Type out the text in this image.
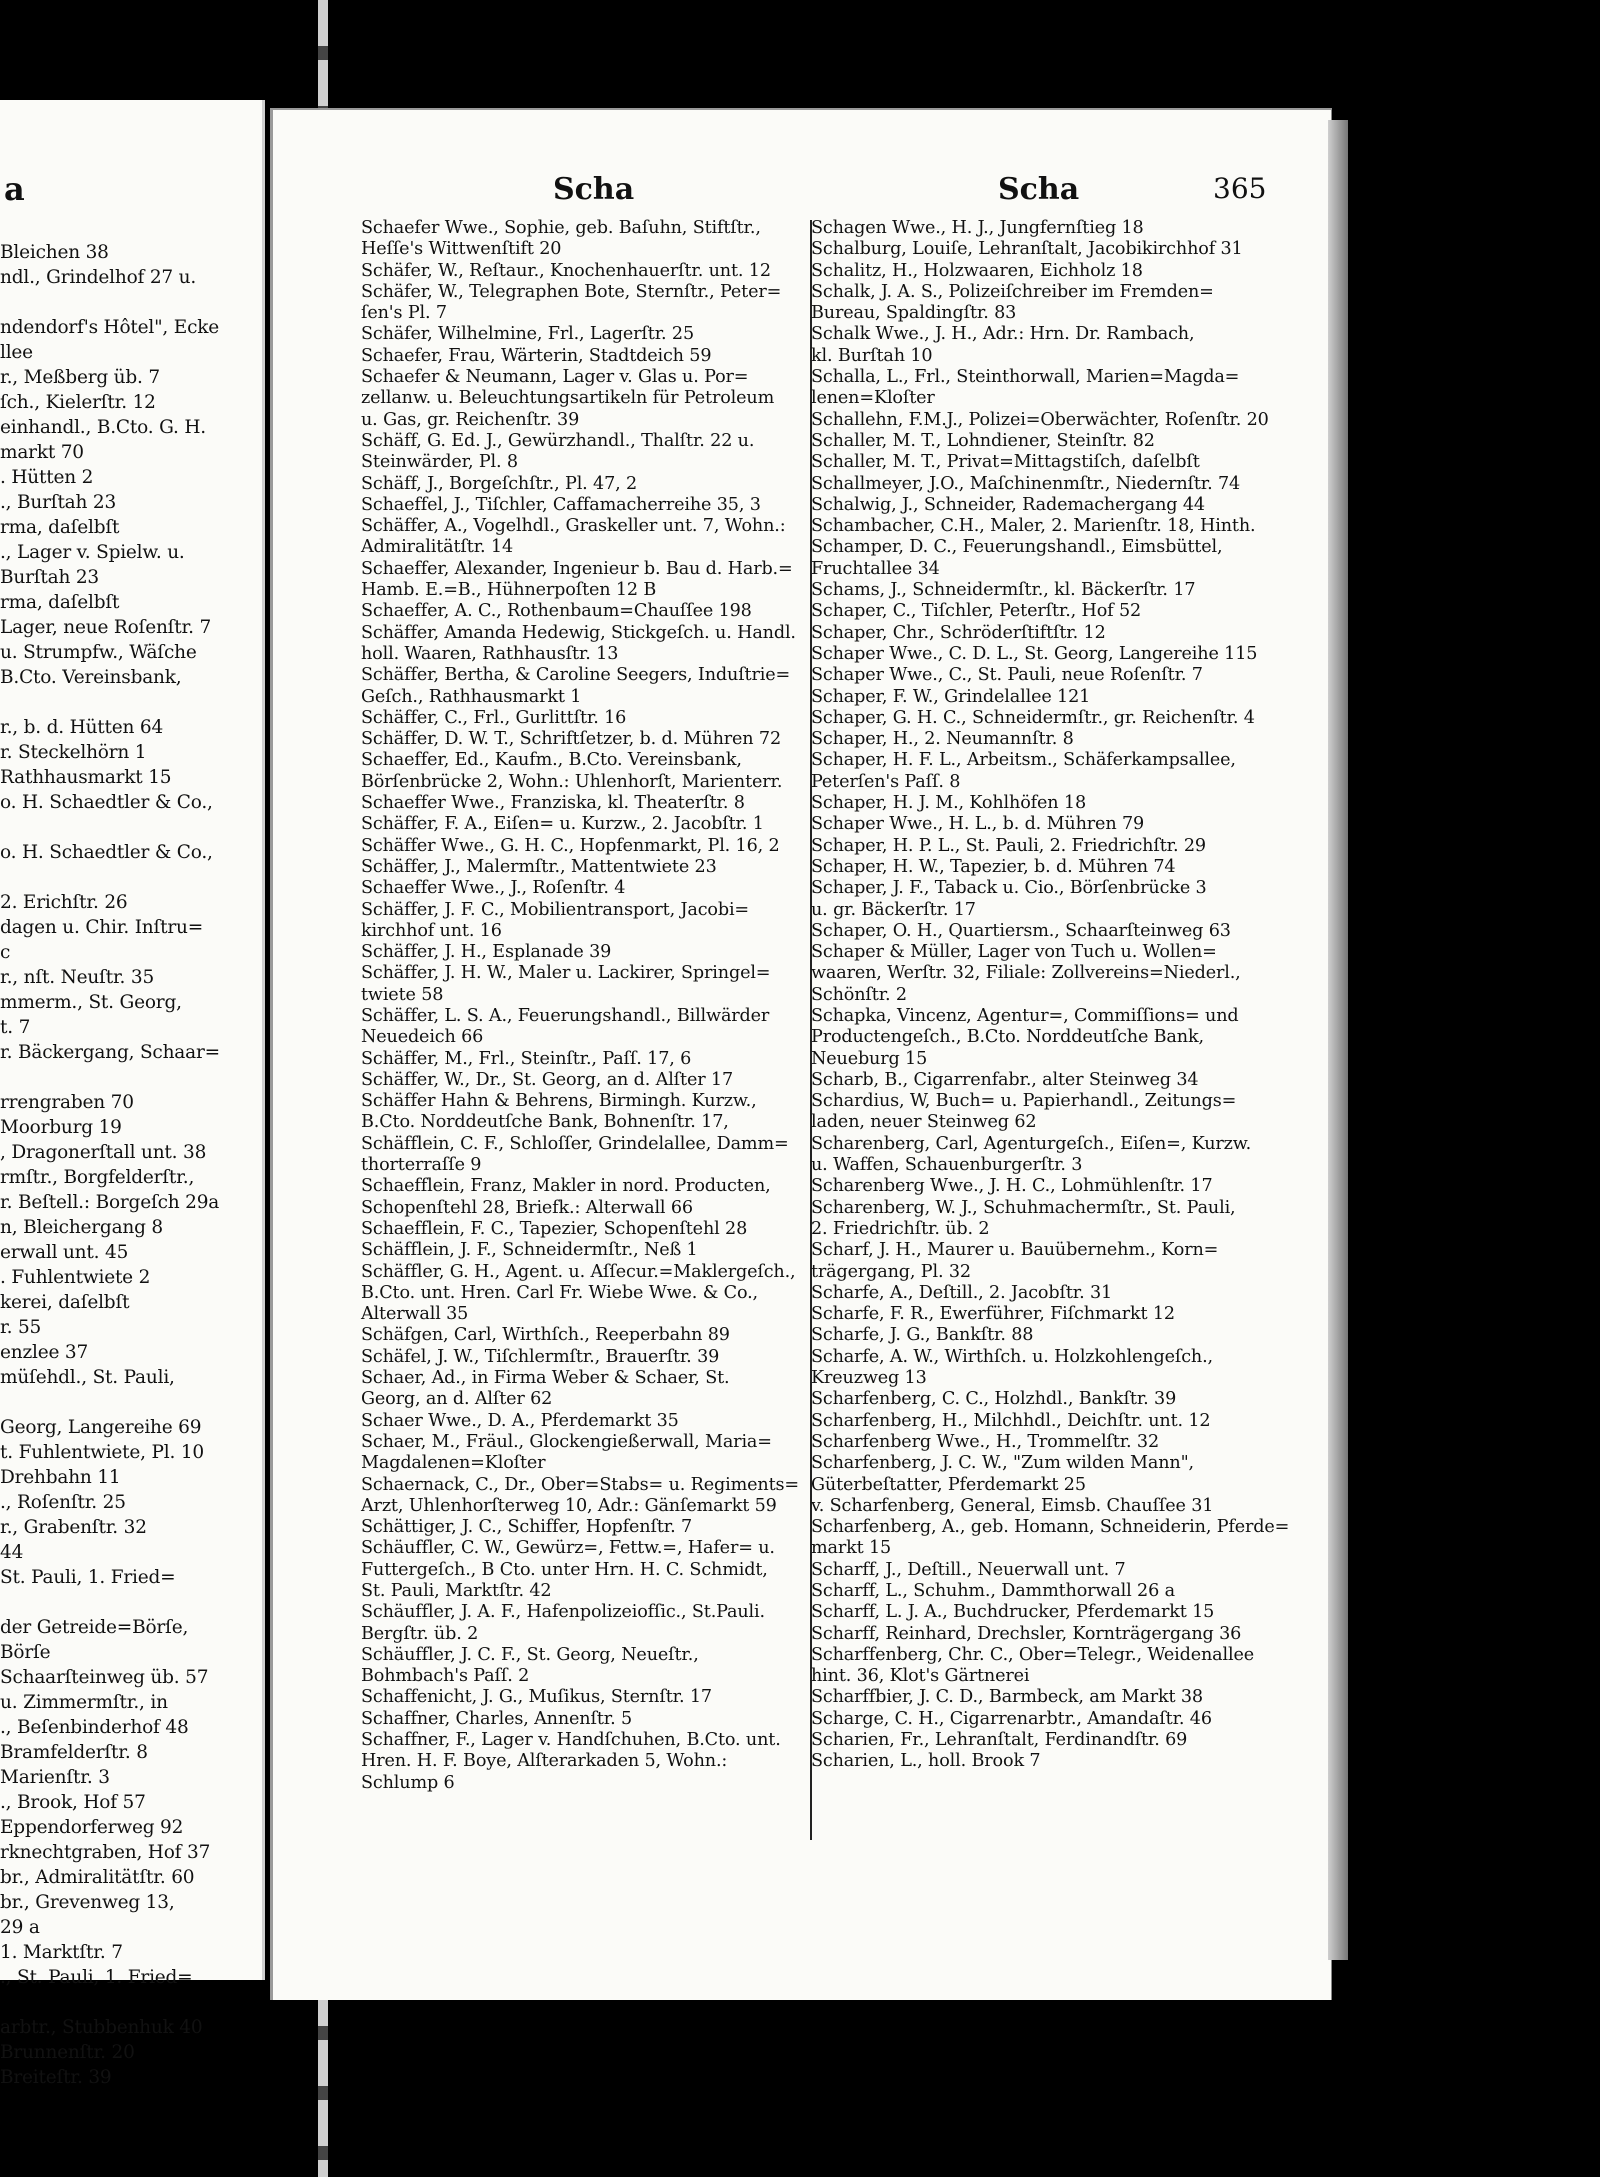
a
Bleichen 38
ndl., Grindelhof 27 u.

ndendorf's Hôtel", Ecke
llee
r., Meßberg üb. 7
ſch., Kielerſtr. 12
einhandl., B.Cto. G. H.
markt 70
. Hütten 2
., Burſtah 23
rma, daſelbſt
., Lager v. Spielw. u.
Burſtah 23
rma, daſelbſt
Lager, neue Roſenſtr. 7
u. Strumpfw., Wäſche
B.Cto. Vereinsbank,

r., b. d. Hütten 64
r. Steckelhörn 1
Rathhausmarkt 15
o. H. Schaedtler & Co.,

o. H. Schaedtler & Co.,

2. Erichſtr. 26
dagen u. Chir. Inſtru=
c
r., nſt. Neuſtr. 35
mmerm., St. Georg,
t. 7
r. Bäckergang, Schaar=

rrengraben 70
Moorburg 19
, Dragonerſtall unt. 38
rmſtr., Borgfelderſtr.,
r. Beſtell.: Borgeſch 29a
n, Bleichergang 8
erwall unt. 45
. Fuhlentwiete 2
kerei, daſelbſt
r. 55
enzlee 37
müſehdl., St. Pauli,

Georg, Langereihe 69
t. Fuhlentwiete, Pl. 10
Drehbahn 11
., Roſenſtr. 25
r., Grabenſtr. 32
44
St. Pauli, 1. Fried=

der Getreide=Börſe,
Börſe
Schaarſteinweg üb. 57
u. Zimmermſtr., in
., Beſenbinderhof 48
Bramfelderſtr. 8
Marienſtr. 3
., Brook, Hof 57
Eppendorferweg 92
rknechtgraben, Hof 37
br., Admiralitätſtr. 60
br., Grevenweg 13,
29 a
1. Marktſtr. 7
., St. Pauli, 1. Fried=

arbtr., Stubbenhuk 40
Brunnenſtr. 20
Breiteſtr. 39
Scha	Scha	365
Schaefer Wwe., Sophie, geb. Baſuhn, Stiftſtr.,
Heſſe's Wittwenſtift 20
Schäfer, W., Reſtaur., Knochenhauerſtr. unt. 12
Schäfer, W., Telegraphen Bote, Sternſtr., Peter=
ſen's Pl. 7
Schäfer, Wilhelmine, Frl., Lagerſtr. 25
Schaefer, Frau, Wärterin, Stadtdeich 59
Schaefer & Neumann, Lager v. Glas u. Por=
zellanw. u. Beleuchtungsartikeln für Petroleum
u. Gas, gr. Reichenſtr. 39
Schäff, G. Ed. J., Gewürzhandl., Thalſtr. 22 u.
Steinwärder, Pl. 8
Schäff, J., Borgeſchſtr., Pl. 47, 2
Schaeffel, J., Tiſchler, Caffamacherreihe 35, 3
Schäffer, A., Vogelhdl., Graskeller unt. 7, Wohn.:
Admiralitätſtr. 14
Schaeffer, Alexander, Ingenieur b. Bau d. Harb.=
Hamb. E.=B., Hühnerpoſten 12 B
Schaeffer, A. C., Rothenbaum=Chauſſee 198
Schäffer, Amanda Hedewig, Stickgeſch. u. Handl.
holl. Waaren, Rathhausſtr. 13
Schäffer, Bertha, & Caroline Seegers, Induſtrie=
Geſch., Rathhausmarkt 1
Schäffer, C., Frl., Gurlittſtr. 16
Schäffer, D. W. T., Schriftſetzer, b. d. Mühren 72
Schaeffer, Ed., Kaufm., B.Cto. Vereinsbank,
Börſenbrücke 2, Wohn.: Uhlenhorſt, Marienterr.
Schaeffer Wwe., Franziska, kl. Theaterſtr. 8
Schäffer, F. A., Eiſen= u. Kurzw., 2. Jacobſtr. 1
Schäffer Wwe., G. H. C., Hopfenmarkt, Pl. 16, 2
Schäffer, J., Malermſtr., Mattentwiete 23
Schaeffer Wwe., J., Roſenſtr. 4
Schäffer, J. F. C., Mobilientransport, Jacobi=
kirchhof unt. 16
Schäffer, J. H., Esplanade 39
Schäffer, J. H. W., Maler u. Lackirer, Springel=
twiete 58
Schäffer, L. S. A., Feuerungshandl., Billwärder
Neuedeich 66
Schäffer, M., Frl., Steinſtr., Paſſ. 17, 6
Schäffer, W., Dr., St. Georg, an d. Alſter 17
Schäffer Hahn & Behrens, Birmingh. Kurzw.,
B.Cto. Norddeutſche Bank, Bohnenſtr. 17,
Schäfflein, C. F., Schloſſer, Grindelallee, Damm=
thorterraſſe 9
Schaefflein, Franz, Makler in nord. Producten,
Schopenſtehl 28, Briefk.: Alterwall 66
Schaefflein, F. C., Tapezier, Schopenſtehl 28
Schäfflein, J. F., Schneidermſtr., Neß 1
Schäffler, G. H., Agent. u. Aſſecur.=Maklergeſch.,
B.Cto. unt. Hren. Carl Fr. Wiebe Wwe. & Co.,
Alterwall 35
Schäfgen, Carl, Wirthſch., Reeperbahn 89
Schäfel, J. W., Tiſchlermſtr., Brauerſtr. 39
Schaer, Ad., in Firma Weber & Schaer, St.
Georg, an d. Alſter 62
Schaer Wwe., D. A., Pferdemarkt 35
Schaer, M., Fräul., Glockengießerwall, Maria=
Magdalenen=Kloſter
Schaernack, C., Dr., Ober=Stabs= u. Regiments=
Arzt, Uhlenhorſterweg 10, Adr.: Gänſemarkt 59
Schättiger, J. C., Schiffer, Hopfenſtr. 7
Schäuffler, C. W., Gewürz=, Fettw.=, Hafer= u.
Futtergeſch., B Cto. unter Hrn. H. C. Schmidt,
St. Pauli, Marktſtr. 42
Schäuffler, J. A. F., Hafenpolizeiofſic., St.Pauli.
Bergſtr. üb. 2
Schäuffler, J. C. F., St. Georg, Neueſtr.,
Bohmbach's Paſſ. 2
Schaffenicht, J. G., Muſikus, Sternſtr. 17
Schaffner, Charles, Annenſtr. 5
Schaffner, F., Lager v. Handſchuhen, B.Cto. unt.
Hren. H. F. Boye, Alſterarkaden 5, Wohn.:
Schlump 6
Schagen Wwe., H. J., Jungfernſtieg 18
Schalburg, Louiſe, Lehranſtalt, Jacobikirchhof 31
Schalitz, H., Holzwaaren, Eichholz 18
Schalk, J. A. S., Polizeiſchreiber im Fremden=
Bureau, Spaldingſtr. 83
Schalk Wwe., J. H., Adr.: Hrn. Dr. Rambach,
kl. Burſtah 10
Schalla, L., Frl., Steinthorwall, Marien=Magda=
lenen=Kloſter
Schallehn, F.M.J., Polizei=Oberwächter, Roſenſtr. 20
Schaller, M. T., Lohndiener, Steinſtr. 82
Schaller, M. T., Privat=Mittagstiſch, daſelbſt
Schallmeyer, J.O., Maſchinenmſtr., Niedernſtr. 74
Schalwig, J., Schneider, Rademachergang 44
Schambacher, C.H., Maler, 2. Marienſtr. 18, Hinth.
Schamper, D. C., Feuerungshandl., Eimsbüttel,
Fruchtallee 34
Schams, J., Schneidermſtr., kl. Bäckerſtr. 17
Schaper, C., Tiſchler, Peterſtr., Hof 52
Schaper, Chr., Schröderſtiftſtr. 12
Schaper Wwe., C. D. L., St. Georg, Langereihe 115
Schaper Wwe., C., St. Pauli, neue Roſenſtr. 7
Schaper, F. W., Grindelallee 121
Schaper, G. H. C., Schneidermſtr., gr. Reichenſtr. 4
Schaper, H., 2. Neumannſtr. 8
Schaper, H. F. L., Arbeitsm., Schäferkampsallee,
Peterſen's Paſſ. 8
Schaper, H. J. M., Kohlhöfen 18
Schaper Wwe., H. L., b. d. Mühren 79
Schaper, H. P. L., St. Pauli, 2. Friedrichſtr. 29
Schaper, H. W., Tapezier, b. d. Mühren 74
Schaper, J. F., Taback u. Cio., Börſenbrücke 3
u. gr. Bäckerſtr. 17
Schaper, O. H., Quartiersm., Schaarſteinweg 63
Schaper & Müller, Lager von Tuch u. Wollen=
waaren, Werſtr. 32, Filiale: Zollvereins=Niederl.,
Schönſtr. 2
Schapka, Vincenz, Agentur=, Commiſſions= und
Productengeſch., B.Cto. Norddeutſche Bank,
Neueburg 15
Scharb, B., Cigarrenfabr., alter Steinweg 34
Schardius, W, Buch= u. Papierhandl., Zeitungs=
laden, neuer Steinweg 62
Scharenberg, Carl, Agenturgeſch., Eiſen=, Kurzw.
u. Waffen, Schauenburgerſtr. 3
Scharenberg Wwe., J. H. C., Lohmühlenſtr. 17
Scharenberg, W. J., Schuhmachermſtr., St. Pauli,
2. Friedrichſtr. üb. 2
Scharf, J. H., Maurer u. Bauübernehm., Korn=
trägergang, Pl. 32
Scharfe, A., Deſtill., 2. Jacobſtr. 31
Scharfe, F. R., Ewerführer, Fiſchmarkt 12
Scharfe, J. G., Bankſtr. 88
Scharfe, A. W., Wirthſch. u. Holzkohlengeſch.,
Kreuzweg 13
Scharfenberg, C. C., Holzhdl., Bankſtr. 39
Scharfenberg, H., Milchhdl., Deichſtr. unt. 12
Scharfenberg Wwe., H., Trommelſtr. 32
Scharfenberg, J. C. W., "Zum wilden Mann",
Güterbeſtatter, Pferdemarkt 25
v. Scharfenberg, General, Eimsb. Chauſſee 31
Scharfenberg, A., geb. Homann, Schneiderin, Pferde=
markt 15
Scharff, J., Deſtill., Neuerwall unt. 7
Scharff, L., Schuhm., Dammthorwall 26 a
Scharff, L. J. A., Buchdrucker, Pferdemarkt 15
Scharff, Reinhard, Drechsler, Kornträgergang 36
Scharffenberg, Chr. C., Ober=Telegr., Weidenallee
hint. 36, Klot's Gärtnerei
Scharffbier, J. C. D., Barmbeck, am Markt 38
Scharge, C. H., Cigarrenarbtr., Amandaſtr. 46
Scharien, Fr., Lehranſtalt, Ferdinandſtr. 69
Scharien, L., holl. Brook 7
